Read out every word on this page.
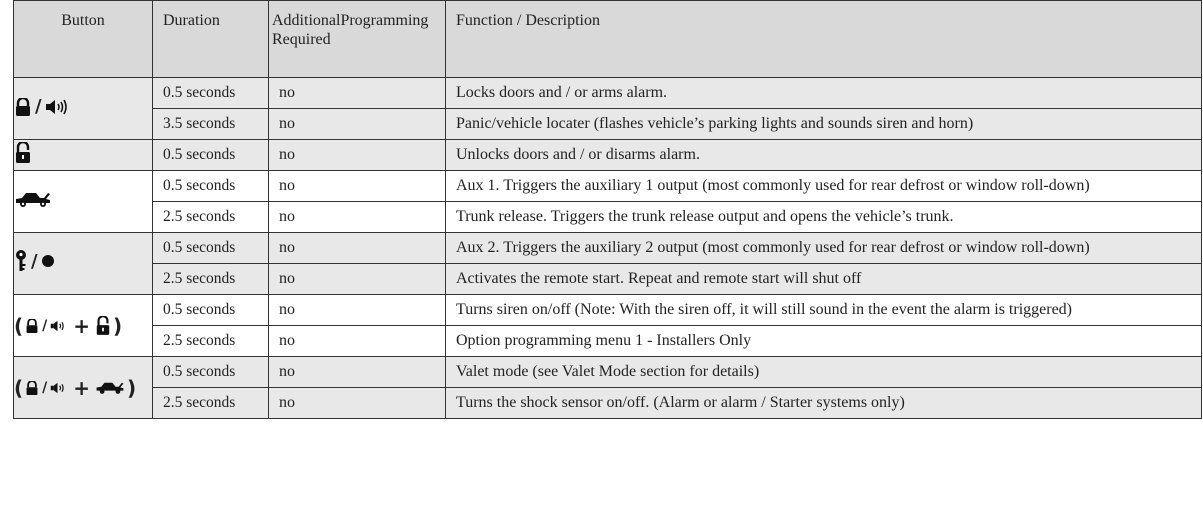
Button	Duration	AdditionalProgramming Required	Function / Description

/	0.5 seconds	no	Locks doors and / or arms alarm.
	3.5 seconds	no	Panic/vehicle locater (flashes vehicle’s parking lights and sounds siren and horn)

	0.5 seconds	no	Unlocks doors and / or disarms alarm.

	0.5 seconds	no	Aux 1. Triggers the auxiliary 1 output (most commonly used for rear defrost or window roll-down)
	2.5 seconds	no	Trunk release. Triggers the trunk release output and opens the vehicle’s trunk.

/	0.5 seconds	no	Aux 2. Triggers the auxiliary 2 output (most commonly used for rear defrost or window roll-down)
	2.5 seconds	no	Activates the remote start. Repeat and remote start will shut off

( / + )	0.5 seconds	no	Turns siren on/off (Note: With the siren off, it will still sound in the event the alarm is triggered)
	2.5 seconds	no	Option programming menu 1 - Installers Only

( / + )	0.5 seconds	no	Valet mode (see Valet Mode section for details)
	2.5 seconds	no	Turns the shock sensor on/off. (Alarm or alarm / Starter systems only)
